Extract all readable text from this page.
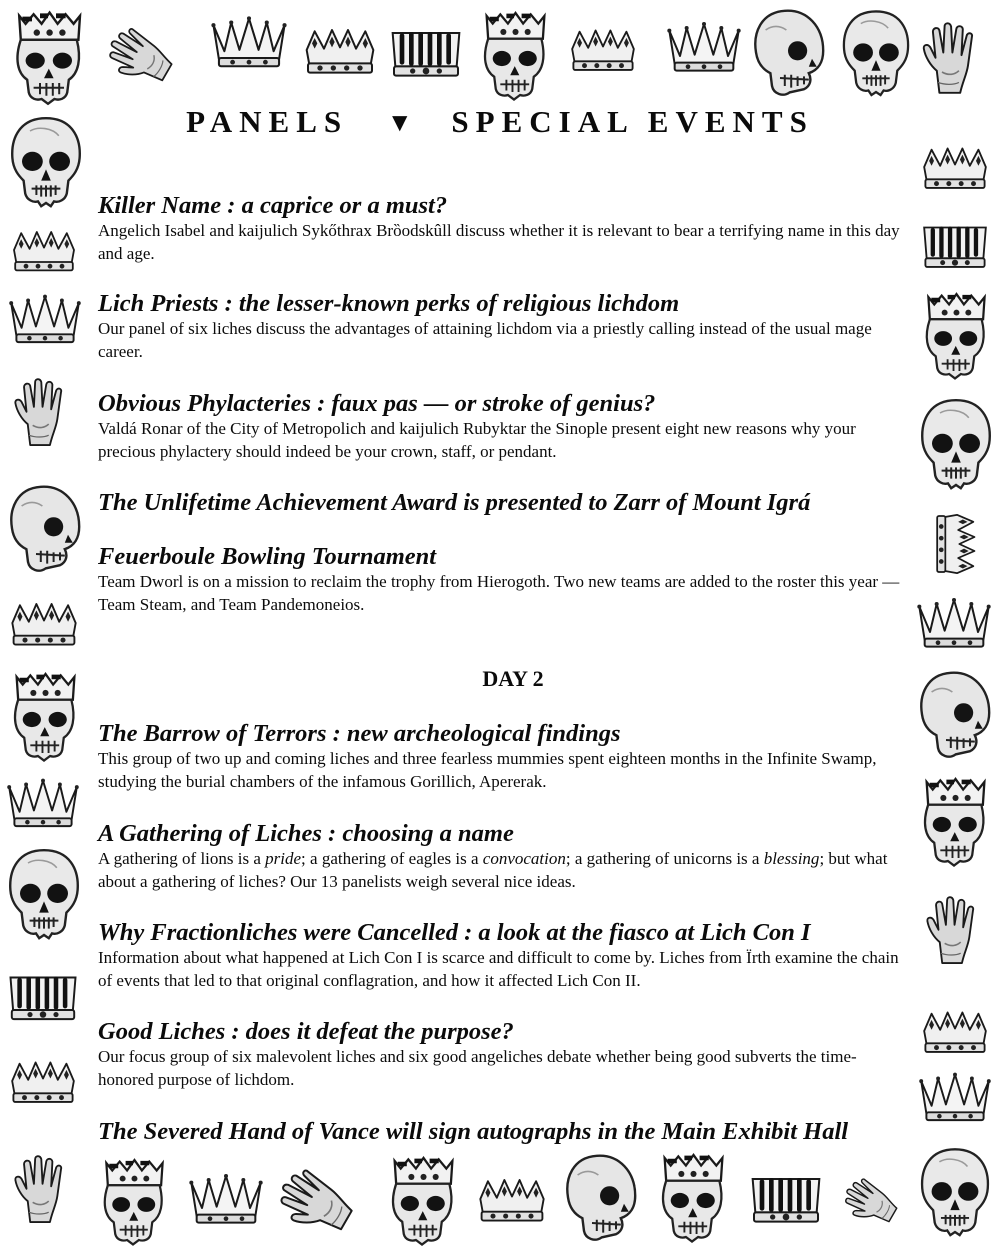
PANELS ▼ SPECIAL EVENTS
Killer Name : a caprice or a must?

Angelich Isabel and kaijulich Sykőthrax Brȍodskûll discuss whether it is relevant to bear a terrifying name in this day and age.

Lich Priests : the lesser-known perks of religious lichdom

Our panel of six liches discuss the advantages of attaining lichdom via a priestly calling instead of the usual mage career.

Obvious Phylacteries : faux pas — or stroke of genius?

Valdá Ronar of the City of Metropolich and kaijulich Rubyktar the Sinople present eight new reasons why your precious phylactery should indeed be your crown, staff, or pendant.

The Unlifetime Achievement Award is presented to Zarr of Mount Igrá
Feuerboule Bowling Tournament

Team Dworl is on a mission to reclaim the trophy from Hierogoth. Two new teams are added to the roster this year — Team Steam, and Team Pandemoneios.

DAY 2
The Barrow of Terrors : new archeological findings

This group of two up and coming liches and three fearless mummies spent eighteen months in the Infinite Swamp, studying the burial chambers of the infamous Gorillich, Apererak.

A Gathering of Liches : choosing a name

A gathering of lions is a pride; a gathering of eagles is a convocation; a gathering of unicorns is a blessing; but what about a gathering of liches? Our 13 panelists weigh several nice ideas.

Why Fractionliches were Cancelled : a look at the fiasco at Lich Con I

Information about what happened at Lich Con I is scarce and difficult to come by. Liches from Ïrth examine the chain of events that led to that original conflagration, and how it affected Lich Con II.

Good Liches : does it defeat the purpose?

Our focus group of six malevolent liches and six good angeliches debate whether being good subverts the time-honored purpose of lichdom.

The Severed Hand of Vance will sign autographs in the Main Exhibit Hall
